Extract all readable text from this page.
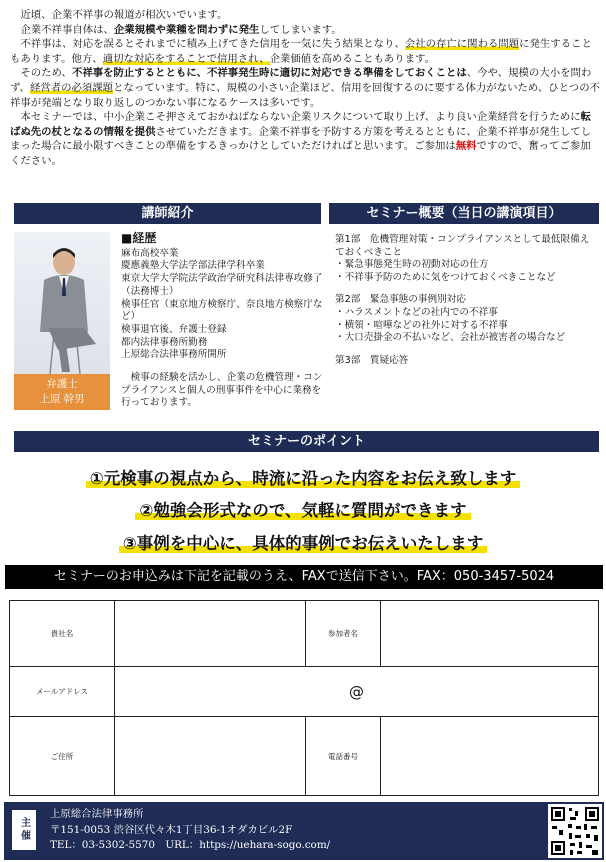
近頃、企業不祥事の報道が相次いでいます。

企業不祥事自体は、企業規模や業種を問わずに発生してしまいます。

不祥事は、対応を誤るとそれまでに積み上げてきた信用を一気に失う結果となり、会社の存亡に関わる問題に発生することもあります。他方、適切な対応をすることで信用され、企業価値を高めることもあります。

そのため、不祥事を防止するとともに、不祥事発生時に適切に対応できる準備をしておくことは、今や、規模の大小を問わず、経営者の必須課題となっています。特に、規模の小さい企業ほど、信用を回復するのに要する体力がないため、ひとつの不祥事が発端となり取り返しのつかない事になるケースは多いです。

本セミナーでは、中小企業こそ押さえておかねばならない企業リスクについて取り上げ、より良い企業経営を行うために転ばぬ先の杖となるの情報を提供させていただきます。企業不祥事を予防する方策を考えるとともに、企業不祥事が発生してしまった場合に最小限すべきことの準備をするきっかけとしていただければと思います。ご参加は無料ですので、奮ってご参加ください。

講師紹介	セミナー概要（当日の講演項目）
弁護士
上原 幹男
■経歴
麻布高校卒業
慶應義塾大学法学部法律学科卒業
東京大学大学院法学政治学研究科法律専攻修了（法務博士）
検事任官（東京地方検察庁、奈良地方検察庁など）
検事退官後、弁護士登録
都内法律事務所勤務
上原総合法律事務所開所
検事の経験を活かし、企業の危機管理・コンプライアンスと個人の刑事事件を中心に業務を行っております。
第1部　危機管理対策・コンプライアンスとして最低限備えておくべきこと
・緊急事態発生時の初動対応の仕方
・不祥事予防のために気をつけておくべきことなど
第2部　緊急事態の事例別対応
・ハラスメントなどの社内での不祥事
・横領・喧嘩などの社外に対する不祥事
・大口売掛金の不払いなど、会社が被害者の場合など
第3部　質疑応答
セミナーのポイント
①元検事の視点から、時流に沿った内容をお伝え致します
②勉強会形式なので、気軽に質問ができます
③事例を中心に、具体的事例でお伝えいたします
セミナーのお申込みは下記を記載のうえ、FAXで送信下さい。FAX：050-3457-5024
貴社名		参加者名	
メールアドレス	@		
ご住所		電話番号	
主催
上原総合法律事務所
〒151-0053 渋谷区代々木1丁目36-1オダカビル2F
TEL：03-5302-5570　URL：https://uehara-sogo.com/
